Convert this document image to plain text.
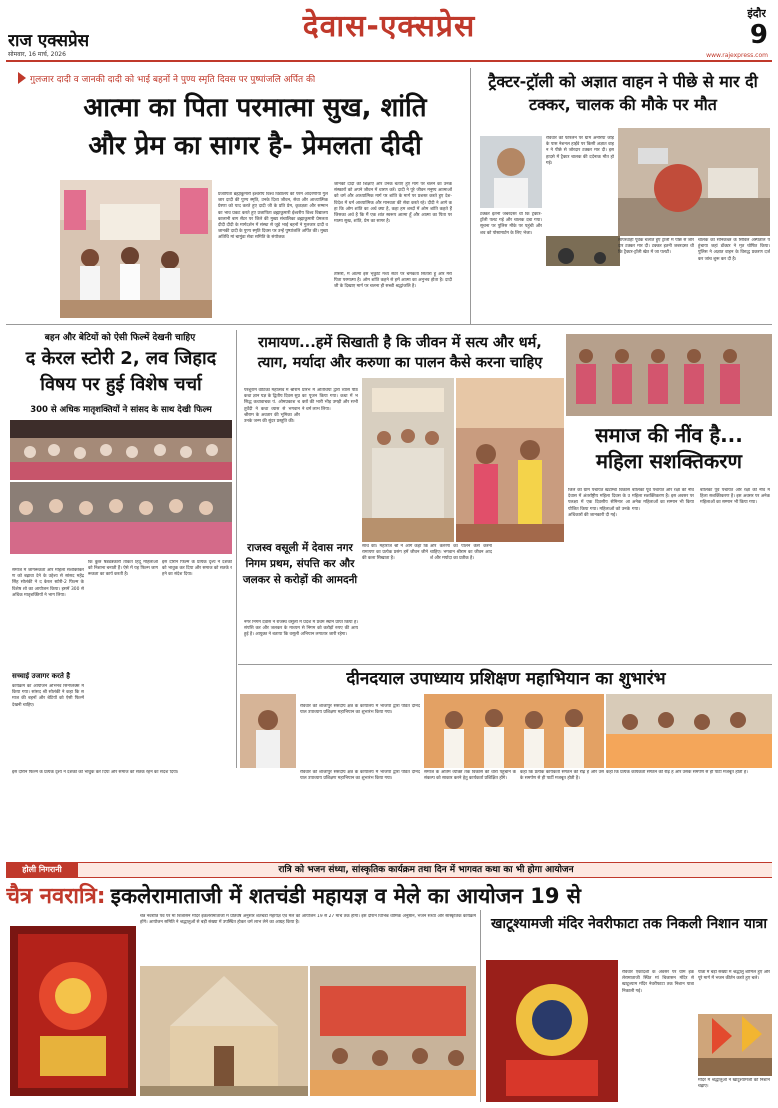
राज एक्सप्रेस
सोमवार, 16 मार्च, 2026
देवास-एक्सप्रेस	इंदौर
9
www.rajexpress.com
गुलजार दादी व जानकी दादी को भाई बहनों ने पुण्य स्मृति दिवस पर पुष्पांजलि अर्पित की
आत्मा का पिता परमात्मा सुख, शांति
और प्रेम का सागर है- प्रेमलता दीदी
प्रजापिता ब्रह्माकुमारी ईश्वरीय विश्व विद्यालय की परम आदरणीया गुलजार दादी की पुण्य स्मृति, उनके दिव्य जीवन, सेवा और आध्यात्मिक प्रेरणा को याद करते हुए दादी जी के प्रति प्रेम, कृतज्ञता और सम्मान का भाव प्रकट करते हुए प्रजापिता ब्रह्माकुमारी ईश्वरीय विश्व विद्यालय कालानी बाग सेंटर पर जिले की मुख्य संचालिका ब्रह्माकुमारी प्रेमलता दीदी दीदी के मार्गदर्शन में संस्था से जुड़े भाई बहनों ने गुलजार दादी व जानकी दादी के पुण्य स्मृति दिवस पर उन्हें पुष्पांजलि अर्पित की। मुख्य अतिथि मां चामुंडा सेवा समिति के संयोजक
जानकी दादी की शिक्षाएँ और उनके बताए हुए मार्ग पर चलने का उनके संस्कारों को अपने जीवन में धारण करें। दादी ने पूरे जीवन मनुष्य आत्माओं को धर्म और आध्यात्मिक मार्ग पर शांति के मार्ग पर प्रशस्त करते हुए देश-विदेश में धर्म आध्यात्मिक और मानवता की सेवा करते रहे। दीदी ने आगे कहा कि ओम शांति का अर्थ क्या है, कहा हम शब्दों में ओम शांति कहते हैं जिसका अर्थ है कि मैं एक शांत स्वरूप आत्मा हूँ और आत्मा का पिता परमात्मा सुख, शांति, प्रेम का सागर है।
तीसरी, मैं आत्मा इस भृकुटि मध्य सेंटर पर चमकता सितारा हूँ और मेरा पिता परमात्मा है। ओम शांति कहने से हमें आत्मा का अनुभव होता है। दादी जी के दिखाए मार्ग पर चलना ही सच्ची श्रद्धांजलि है।
ट्रैक्टर-ट्रॉली को अज्ञात वाहन ने पीछे से मार दी टक्कर, चालक की मौके पर मौत
रविवार को फोरलेन पर ग्राम अनेरिया जोड़ के पास नेशनल हाईवे पर किसी अज्ञात वाहन ने पीछे से जोरदार टक्कर मार दी। इस हादसे में ट्रैक्टर चालक की दर्दनाक मौत हो गई।
टक्कर इतनी जबरदस्त थी कि ट्रैक्टर-ट्रॉली पलट गई और चालक दबा गया। सूचना पर पुलिस मौके पर पहुंची और शव को पोस्टमार्टम के लिए भेजा।
लापरवाही पूर्वक चलाते हुए ट्रॉली में पीछे से जोरदार टक्कर मार दी। टक्कर इतनी जबरदस्त थी कि ट्रैक्टर-ट्रॉली खेत में जा पलटी।
चालक को सोनकच्छ के सिविल अस्पताल पहुंचाया जहां डॉक्टर ने मृत घोषित किया। पुलिस ने अज्ञात वाहन के विरुद्ध प्रकरण दर्ज कर जांच शुरू कर दी है।
बहन और बेटियों को ऐसी फिल्में देखनी चाहिए
द केरल स्टोरी 2, लव जिहाद विषय पर हुई विशेष चर्चा
300 से अधिक मातृशक्तियों ने सांसद के साथ देखी फिल्म
समाज में जागरूकता और महिला सशक्तिकरण को बढ़ावा देने के उद्देश्य से सांसद महेंद्र सिंह सोलंकी ने द केरल स्टोरी-2 फिल्म के विशेष शो का आयोजन किया। इसमें 300 से अधिक मातृशक्तियों ने भाग लिया।
सच्चाई उजागर करते है
कार्यक्रम का आयोजन अभिनव सिनेप्लेक्स में किया गया। सांसद श्री सोलंकी ने कहा कि समाज की बहनों और बेटियों को ऐसी फिल्में देखनी चाहिए।
कि कुछ षड्यंत्रकारी ताकतें हिंदू महिलाओं को निशाना बनाती हैं। ऐसे में यह फिल्म जागरूकता का कार्य करती है।
इस दौरान फिल्म के प्रत्येक दृश्य ने दर्शकों को भावुक कर दिया और समाज को सतर्क रहने का संदेश दिया।
रामायण...हमें सिखाती है कि जीवन में सत्य और धर्म,
त्याग, मर्यादा और करुणा का पालन कैसे करना चाहिए
परशुराम वाटिका महोत्सव में श्रीराम कथा ज्ञान यज्ञ के द्वितीय दिवस सुप्रसिद्ध कथावाचक पं. ओमप्रकाश चतुर्वेदी ने कथा व्यास से भगवान श्रीराम के अवतार की भूमिका और उनके जन्म की सुंदर प्रस्तुति की।
प्रारंभ में अतिथियों द्वारा व्यास पीठ का पूजन किया गया। कथा में भक्तों की भारी भीड़ उमड़ी और सभी ने धर्म लाभ लिया।
साथ की। महाराज श्री ने आगे कहा कि रामायण का प्रत्येक प्रसंग हमें जीवन जीने की कला सिखाता है।
और करुणा का पालन कैसे करना चाहिए। भगवान श्रीराम का जीवन आदर्श और मर्यादा का प्रतीक है।
राजस्व वसूली में देवास नगर निगम प्रथम, संपत्ति कर और जलकर से करोड़ों की आमदनी
नगर निगम देवास ने राजस्व वसूली में प्रदेश में प्रथम स्थान प्राप्त किया है। संपत्ति कर और जलकर के माध्यम से निगम को करोड़ों रुपए की आय हुई है। आयुक्त ने बताया कि वसूली अभियान लगातार जारी रहेगा।
समाज की नींव है...
महिला सशक्तिकरण
जिले की ग्राम पंचायत खटाम्बा विकास देवास में अंतर्राष्ट्रीय महिला दिवस के उपलक्ष्य में एक दिवसीय सेमिनार आयोजित किया गया। महिलाओं को उनके अधिकारों की जानकारी दी गई।
बालिका पूर्व पंचायत और रक्षा की नींव महिला सशक्तिकरण है। इस अवसर पर अनेक महिलाओं का सम्मान भी किया गया।
बालिका पूर्व पंचायत और रक्षा की नींव महिला सशक्तिकरण है। इस अवसर पर अनेक महिलाओं का सम्मान भी किया गया।
दीनदयाल उपाध्याय प्रशिक्षण महाभियान का शुभारंभ
रविवार को शाजापुर संसदीय क्षेत्र के कार्यालय में भाजपा द्वारा पंडित दीनदयाल उपाध्याय प्रशिक्षण महाभियान का शुभारंभ किया गया।
समाज के अंतिम व्यक्ति तक विकास की धारा पहुंचाने के संकल्प को साकार करने हेतु कार्यकर्ता प्रशिक्षित होंगे।
कहा कि प्रत्येक कार्यकर्ता संगठन की रीढ़ है और उसके समर्पण से ही पार्टी मजबूत होती है।
रविवार को शाजापुर संसदीय क्षेत्र के कार्यालय में भाजपा द्वारा पंडित दीनदयाल उपाध्याय प्रशिक्षण महाभियान का शुभारंभ किया गया।
कहा कि प्रत्येक कार्यकर्ता संगठन की रीढ़ है और उसके समर्पण से ही पार्टी मजबूत होती है।
इस दौरान फिल्म के प्रत्येक दृश्य ने दर्शकों को भावुक कर दिया और समाज को सतर्क रहने का संदेश दिया।
होली निगरानी	रात्रि को भजन संध्या, सांस्कृतिक कार्यक्रम तथा दिन में भागवत कथा का भी होगा आयोजन
चैत्र नवरात्रि: इकलेरामाताजी में शतचंडी महायज्ञ व मेले का आयोजन 19 से
चैत्र नवरात्रि पर्व पर मां बिजासन मंदिर इकलेरामाताजी में प्रतिवर्ष अनुसार शतचंडी महायज्ञ एवं मेले का आयोजन 19 से 27 मार्च तक होगा। इस दौरान विभिन्न धार्मिक अनुष्ठान, भजन संध्या और सांस्कृतिक कार्यक्रम होंगे। आयोजन समिति ने श्रद्धालुओं से बड़ी संख्या में उपस्थित होकर धर्म लाभ लेने का आग्रह किया है।	खाटूश्यामजी मंदिर नेवरीफाटा तक निकली निशान यात्रा
रविवार एकादशी के अवसर पर ग्राम इकलेरामाताजी स्थित मां बिजासन मंदिर से खाटूश्याम मंदिर नेवरीफाटा तक निशान यात्रा निकाली गई।
यात्रा में बड़ी संख्या में श्रद्धालु शामिल हुए और पूरे मार्ग में भजन कीर्तन करते हुए चले।
मंदिर में श्रद्धालुओं ने खाटूश्यामजी को निशान चढ़ाए।
